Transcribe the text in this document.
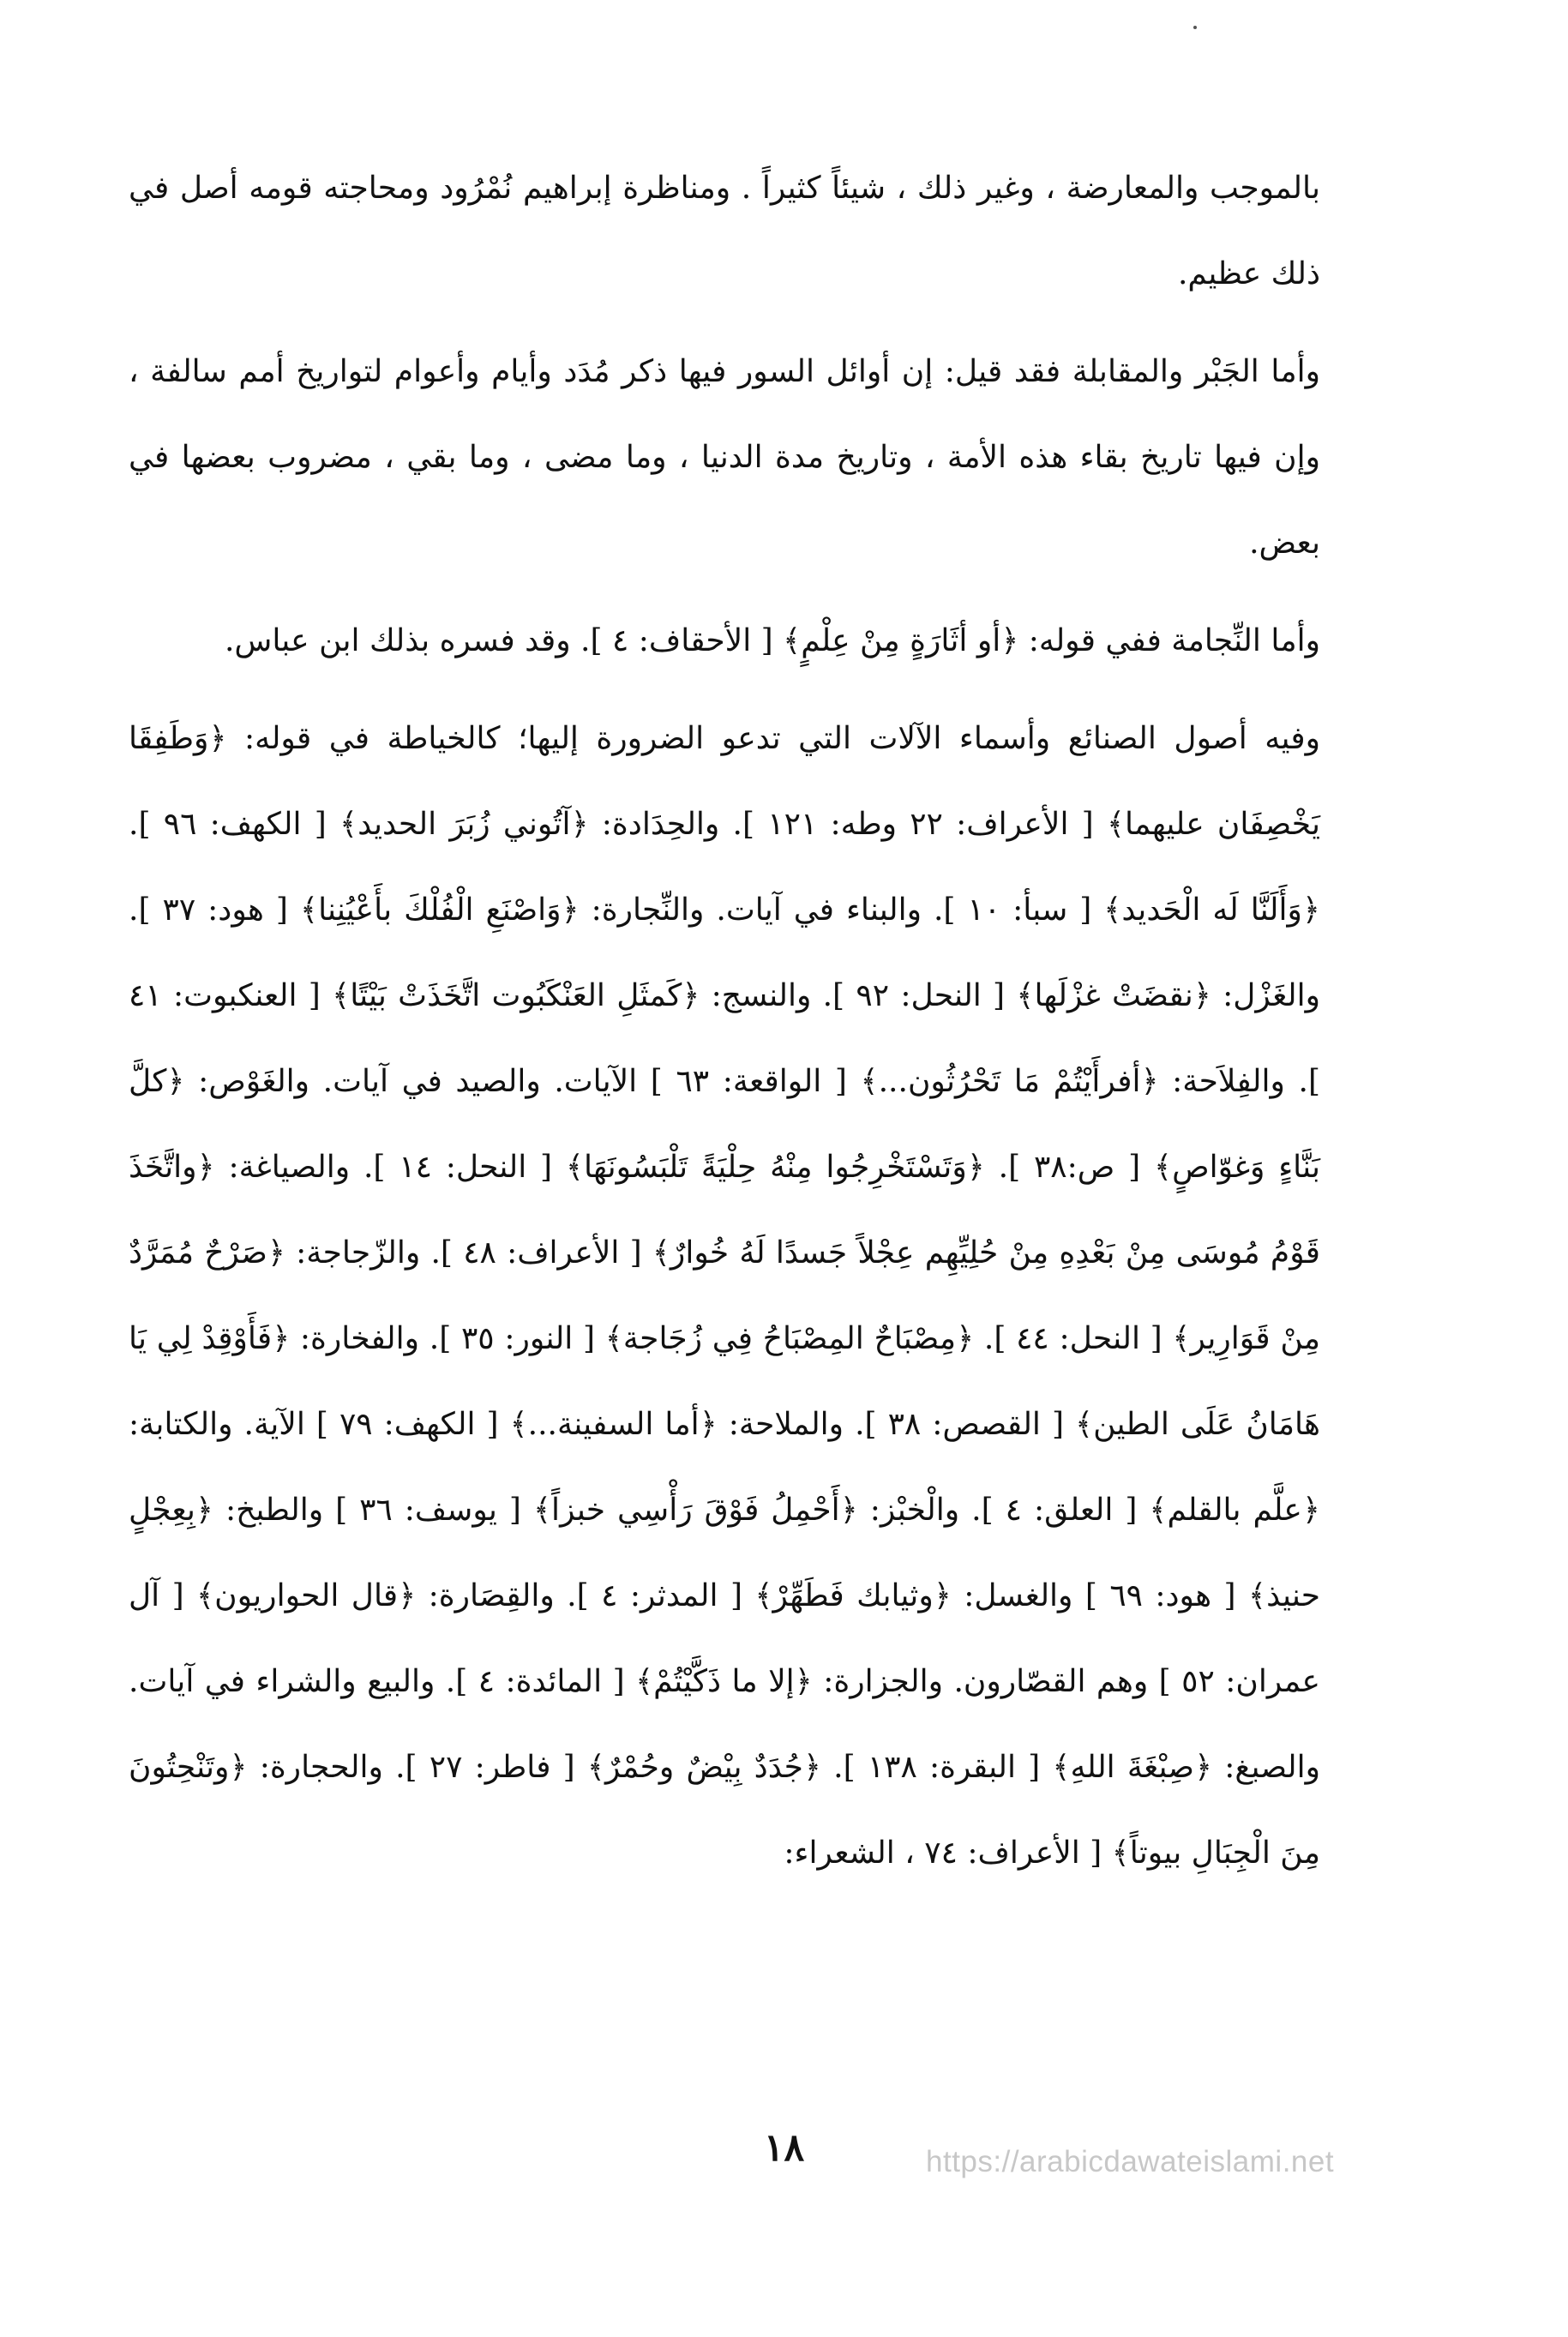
بالموجب والمعارضة ، وغير ذلك ، شيئاً كثيراً . ومناظرة إبراهيم نُمْرُود ومحاجته قومه أصل في ذلك عظيم.

وأما الجَبْر والمقابلة فقد قيل: إن أوائل السور فيها ذكر مُدَد وأيام وأعوام لتواريخ أمم سالفة ، وإن فيها تاريخ بقاء هذه الأمة ، وتاريخ مدة الدنيا ، وما مضى ، وما بقي ، مضروب بعضها في بعض.

وأما النِّجامة ففي قوله: ﴿أو أثَارَةٍ مِنْ عِلْمٍ﴾ [ الأحقاف: ٤ ]. وقد فسره بذلك ابن عباس.

وفيه أصول الصنائع وأسماء الآلات التي تدعو الضرورة إليها؛ كالخياطة في قوله: ﴿وَطَفِقَا يَخْصِفَان عليهما﴾ [ الأعراف: ٢٢ وطه: ١٢١ ]. والحِدَادة: ﴿آتُوني زُبَرَ الحديد﴾ [ الكهف: ٩٦ ]. ﴿وَأَلَنَّا لَه الْحَديد﴾ [ سبأ: ١٠ ]. والبناء في آيات. والنِّجارة: ﴿وَاصْنَعِ الْفُلْكَ بأَعْيُنِنا﴾ [ هود: ٣٧ ]. والغَزْل: ﴿نقضَتْ غزْلَها﴾ [ النحل: ٩٢ ]. والنسج: ﴿كَمثَلِ العَنْكَبُوت اتَّخَذَتْ بَيْتًا﴾ [ العنكبوت: ٤١ ]. والفِلاَحة: ﴿أفرأَيْتُمْ مَا تَحْرُثُون...﴾ [ الواقعة: ٦٣ ] الآيات. والصيد في آيات. والغَوْص: ﴿كلَّ بَنَّاءٍ وَغوّاصٍ﴾ [ ص:٣٨ ]. ﴿وَتَسْتَخْرِجُوا مِنْهُ حِلْيَةً تَلْبَسُونَهَا﴾ [ النحل: ١٤ ]. والصياغة: ﴿واتَّخَذَ قَوْمُ مُوسَى مِنْ بَعْدِهِ مِنْ حُلِيِّهِم عِجْلاً جَسدًا لَهُ خُوارٌ﴾ [ الأعراف: ٤٨ ]. والزّجاجة: ﴿صَرْحٌ مُمَرَّدٌ مِنْ قَوَارِير﴾ [ النحل: ٤٤ ]. ﴿مِصْبَاحٌ المِصْبَاحُ فِي زُجَاجة﴾ [ النور: ٣٥ ]. والفخارة: ﴿فَأَوْقِدْ لِي يَا هَامَانُ عَلَى الطين﴾ [ القصص: ٣٨ ]. والملاحة: ﴿أما السفينة...﴾ [ الكهف: ٧٩ ] الآية. والكتابة: ﴿علَّم بالقلم﴾ [ العلق: ٤ ]. والْخبْز: ﴿أَحْمِلُ فَوْقَ رَأْسِي خبزاً﴾ [ يوسف: ٣٦ ] والطبخ: ﴿بِعِجْلٍ حنيذ﴾ [ هود: ٦٩ ] والغسل: ﴿وثيابك فَطَهِّرْ﴾ [ المدثر: ٤ ]. والقِصَارة: ﴿قال الحواريون﴾ [ آل عمران: ٥٢ ] وهم القصّارون. والجزارة: ﴿إلا ما ذَكَّيْتُمْ﴾ [ المائدة: ٤ ]. والبيع والشراء في آيات. والصبغ: ﴿صِبْغَةَ اللهِ﴾ [ البقرة: ١٣٨ ]. ﴿جُدَدٌ بِيْضٌ وحُمْرٌ﴾ [ فاطر: ٢٧ ]. والحجارة: ﴿وتَنْحِتُونَ مِنَ الْجِبَالِ بيوتاً﴾ [ الأعراف: ٧٤ ، الشعراء:

١٨	https://arabicdawateislami.net
